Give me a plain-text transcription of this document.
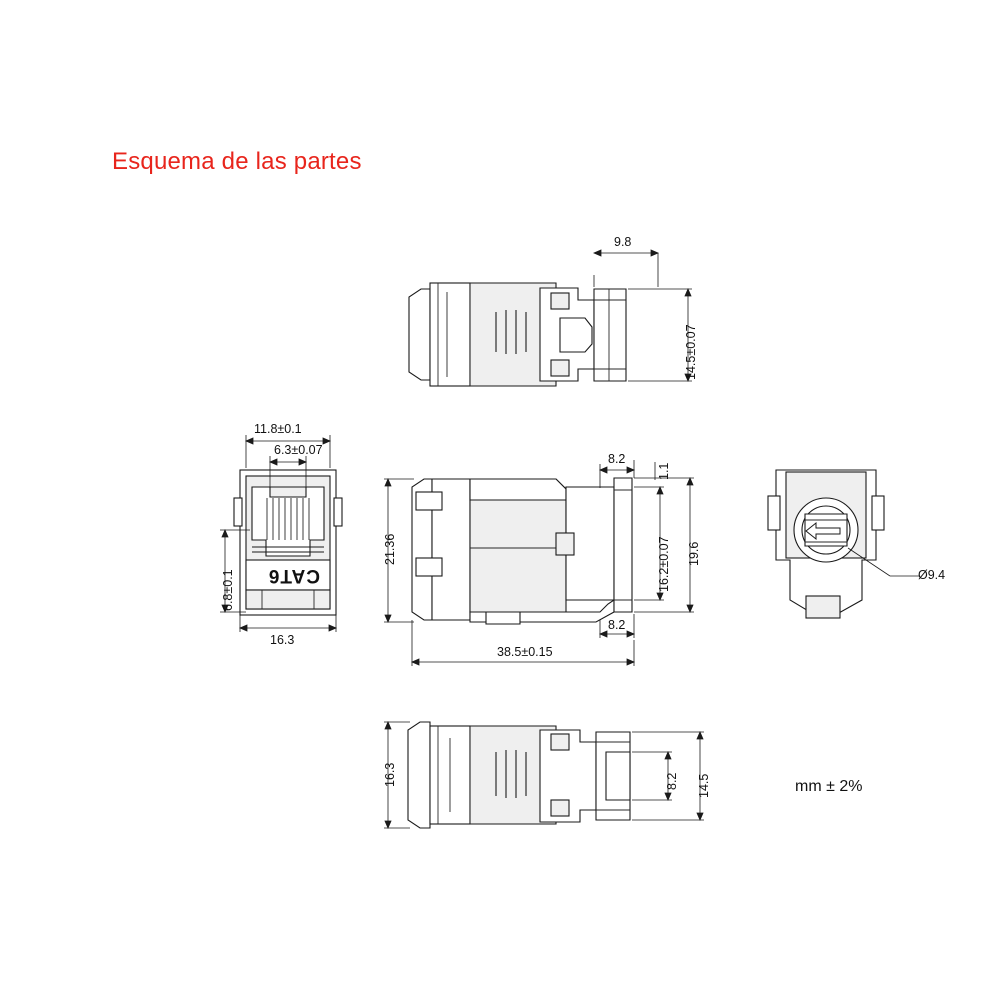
Esquema de las partes
mm ± 2%
9.8
14.5±0.07
11.8±0.1
6.3±0.07
6.8±0.1
16.3
8.2
1.1
21.36	16.2±0.07 19.6
8.2
38.5±0.15
Ø9.4
16.3	8.2 14.5
CAT6
